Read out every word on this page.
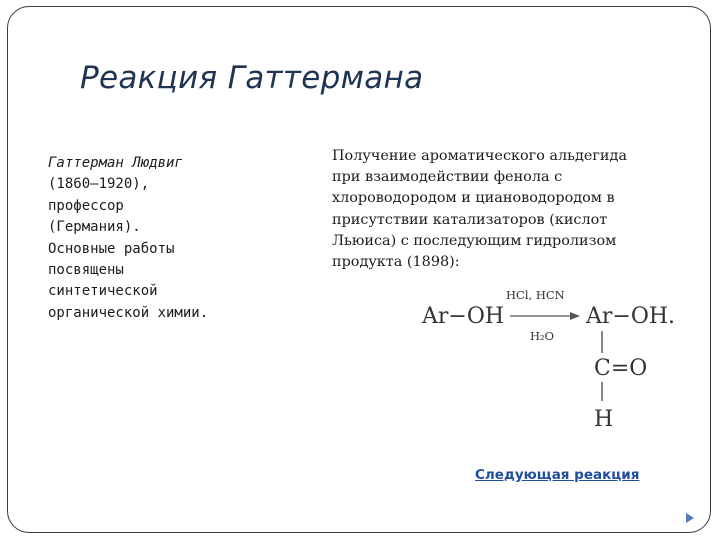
Реакция Гаттермана
Гаттерман Людвиг
(1860–1920),
профессор
(Германия).
Основные работы
посвящены
синтетической
органической химии.
Получение ароматического альдегида
при взаимодействии фенола с
хлороводородом и циановодородом в
присутствии катализаторов (кислот
Льюиса) с последующим гидролизом
продукта (1898):
Ar−OH
HCl, HCN
H₂O
Ar−OH.
C=O
H
Следующая реакция
